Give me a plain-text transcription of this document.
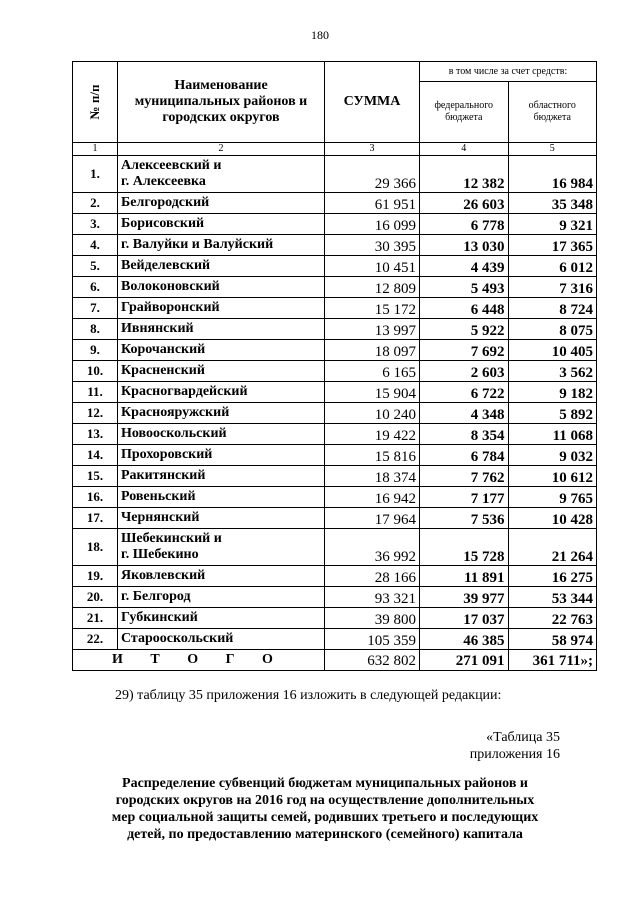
180
№ п/п	Наименование
муниципальных районов и
городских округов	СУММА	в том числе за счет средств:	
			федерального
бюджета	областного
бюджета
1	2	3	4	5
1.	Алексеевский и
г. Алексеевка	29 366	12 382	16 984
2.	Белгородский	61 951	26 603	35 348
3.	Борисовский	16 099	6 778	9 321
4.	г. Валуйки и Валуйский	30 395	13 030	17 365
5.	Вейделевский	10 451	4 439	6 012
6.	Волоконовский	12 809	5 493	7 316
7.	Грайворонский	15 172	6 448	8 724
8.	Ивнянский	13 997	5 922	8 075
9.	Корочанский	18 097	7 692	10 405
10.	Красненский	6 165	2 603	3 562
11.	Красногвардейский	15 904	6 722	9 182
12.	Краснояружский	10 240	4 348	5 892
13.	Новооскольский	19 422	8 354	11 068
14.	Прохоровский	15 816	6 784	9 032
15.	Ракитянский	18 374	7 762	10 612
16.	Ровеньский	16 942	7 177	9 765
17.	Чернянский	17 964	7 536	10 428
18.	Шебекинский и
г. Шебекино	36 992	15 728	21 264
19.	Яковлевский	28 166	11 891	16 275
20.	г. Белгород	93 321	39 977	53 344
21.	Губкинский	39 800	17 037	22 763
22.	Старооскольский	105 359	46 385	58 974
И Т О Г О		632 802	271 091	361 711»;
29) таблицу 35 приложения 16 изложить в следующей редакции:
«Таблица 35
приложения 16
Распределение субвенций бюджетам муниципальных районов и
городских округов на 2016 год на осуществление дополнительных
мер социальной защиты семей, родивших третьего и последующих
детей, по предоставлению материнского (семейного) капитала
